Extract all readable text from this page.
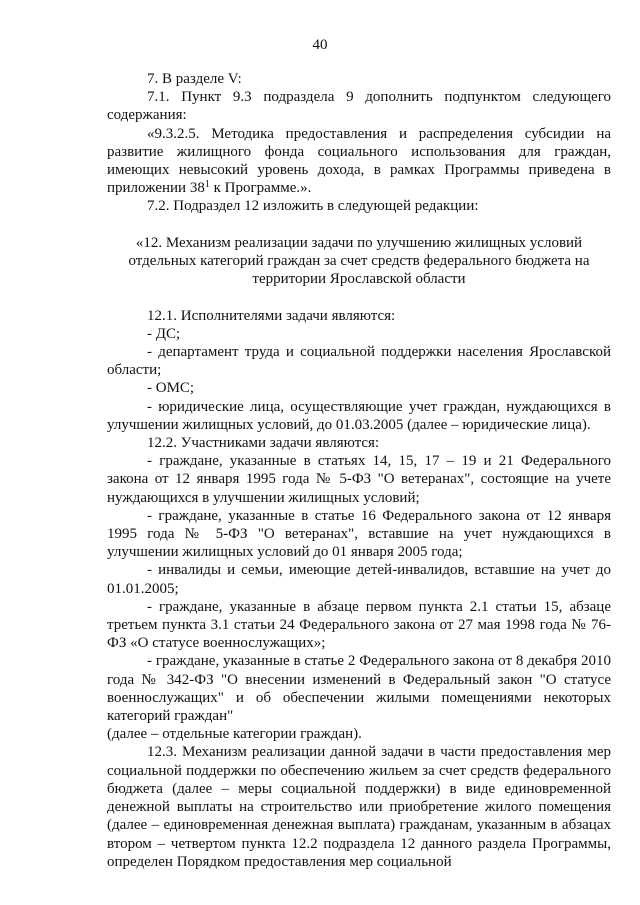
40

7. В разделе V:

7.1. Пункт 9.3 подраздела 9 дополнить подпунктом следующего содержания:

«9.3.2.5. Методика предоставления и распределения субсидии на развитие жилищного фонда социального использования для граждан, имеющих невысокий уровень дохода, в рамках Программы приведена в приложении $38^1$ к Программе.».

7.2. Подраздел 12 изложить в следующей редакции:

«12. Механизм реализации задачи по улучшению жилищных условий отдельных категорий граждан за счет средств федерального бюджета на территории Ярославской области

12.1. Исполнителями задачи являются:

- ДС;

- департамент труда и социальной поддержки населения Ярославской области;

- ОМС;

- юридические лица, осуществляющие учет граждан, нуждающихся в улучшении жилищных условий, до 01.03.2005 (далее – юридические лица).

12.2. Участниками задачи являются:

- граждане, указанные в статьях 14, 15, 17 – 19 и 21 Федерального закона от 12 января 1995 года № 5-ФЗ "О ветеранах", состоящие на учете нуждающихся в улучшении жилищных условий;

- граждане, указанные в статье 16 Федерального закона от 12 января 1995 года № 5-ФЗ "О ветеранах", вставшие на учет нуждающихся в улучшении жилищных условий до 01 января 2005 года;

- инвалиды и семьи, имеющие детей-инвалидов, вставшие на учет до 01.01.2005;

- граждане, указанные в абзаце первом пункта 2.1 статьи 15, абзаце третьем пункта 3.1 статьи 24 Федерального закона от 27 мая 1998 года № 76-ФЗ «О статусе военнослужащих»;

- граждане, указанные в статье 2 Федерального закона от 8 декабря 2010 года № 342-ФЗ "О внесении изменений в Федеральный закон "О статусе военнослужащих" и об обеспечении жилыми помещениями некоторых категорий граждан"

(далее – отдельные категории граждан).

12.3. Механизм реализации данной задачи в части предоставления мер социальной поддержки по обеспечению жильем за счет средств федерального бюджета (далее – меры социальной поддержки) в виде единовременной денежной выплаты на строительство или приобретение жилого помещения (далее – единовременная денежная выплата) гражданам, указанным в абзацах втором – четвертом пункта 12.2 подраздела 12 данного раздела Программы, определен Порядком предоставления мер социальной
